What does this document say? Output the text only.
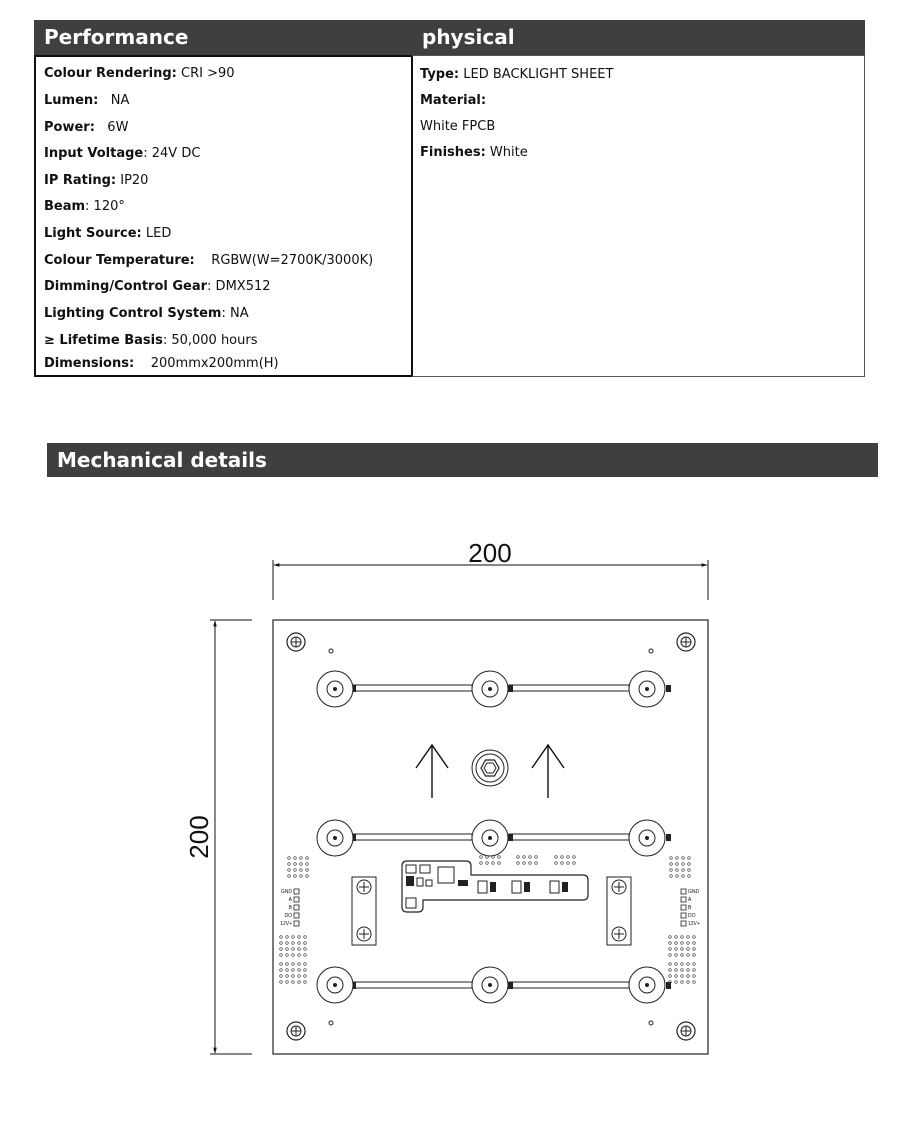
Performance	physical
Colour Rendering: CRI >90
Lumen:   NA
Power:   6W
Input Voltage: 24V DC
IP Rating: IP20
Beam: 120°
Light Source: LED
Colour Temperature:    RGBW(W=2700K/3000K)
Dimming/Control Gear: DMX512
Lighting Control System: NA
≥ Lifetime Basis: 50,000 hours
Dimensions:    200mmx200mm(H)
Type: LED BACKLIGHT SHEET
Material:
White FPCB
Finishes: White
Mechanical details
200
200
GND
A
B
DO
12V+
GND
A
B
DO
12V+
